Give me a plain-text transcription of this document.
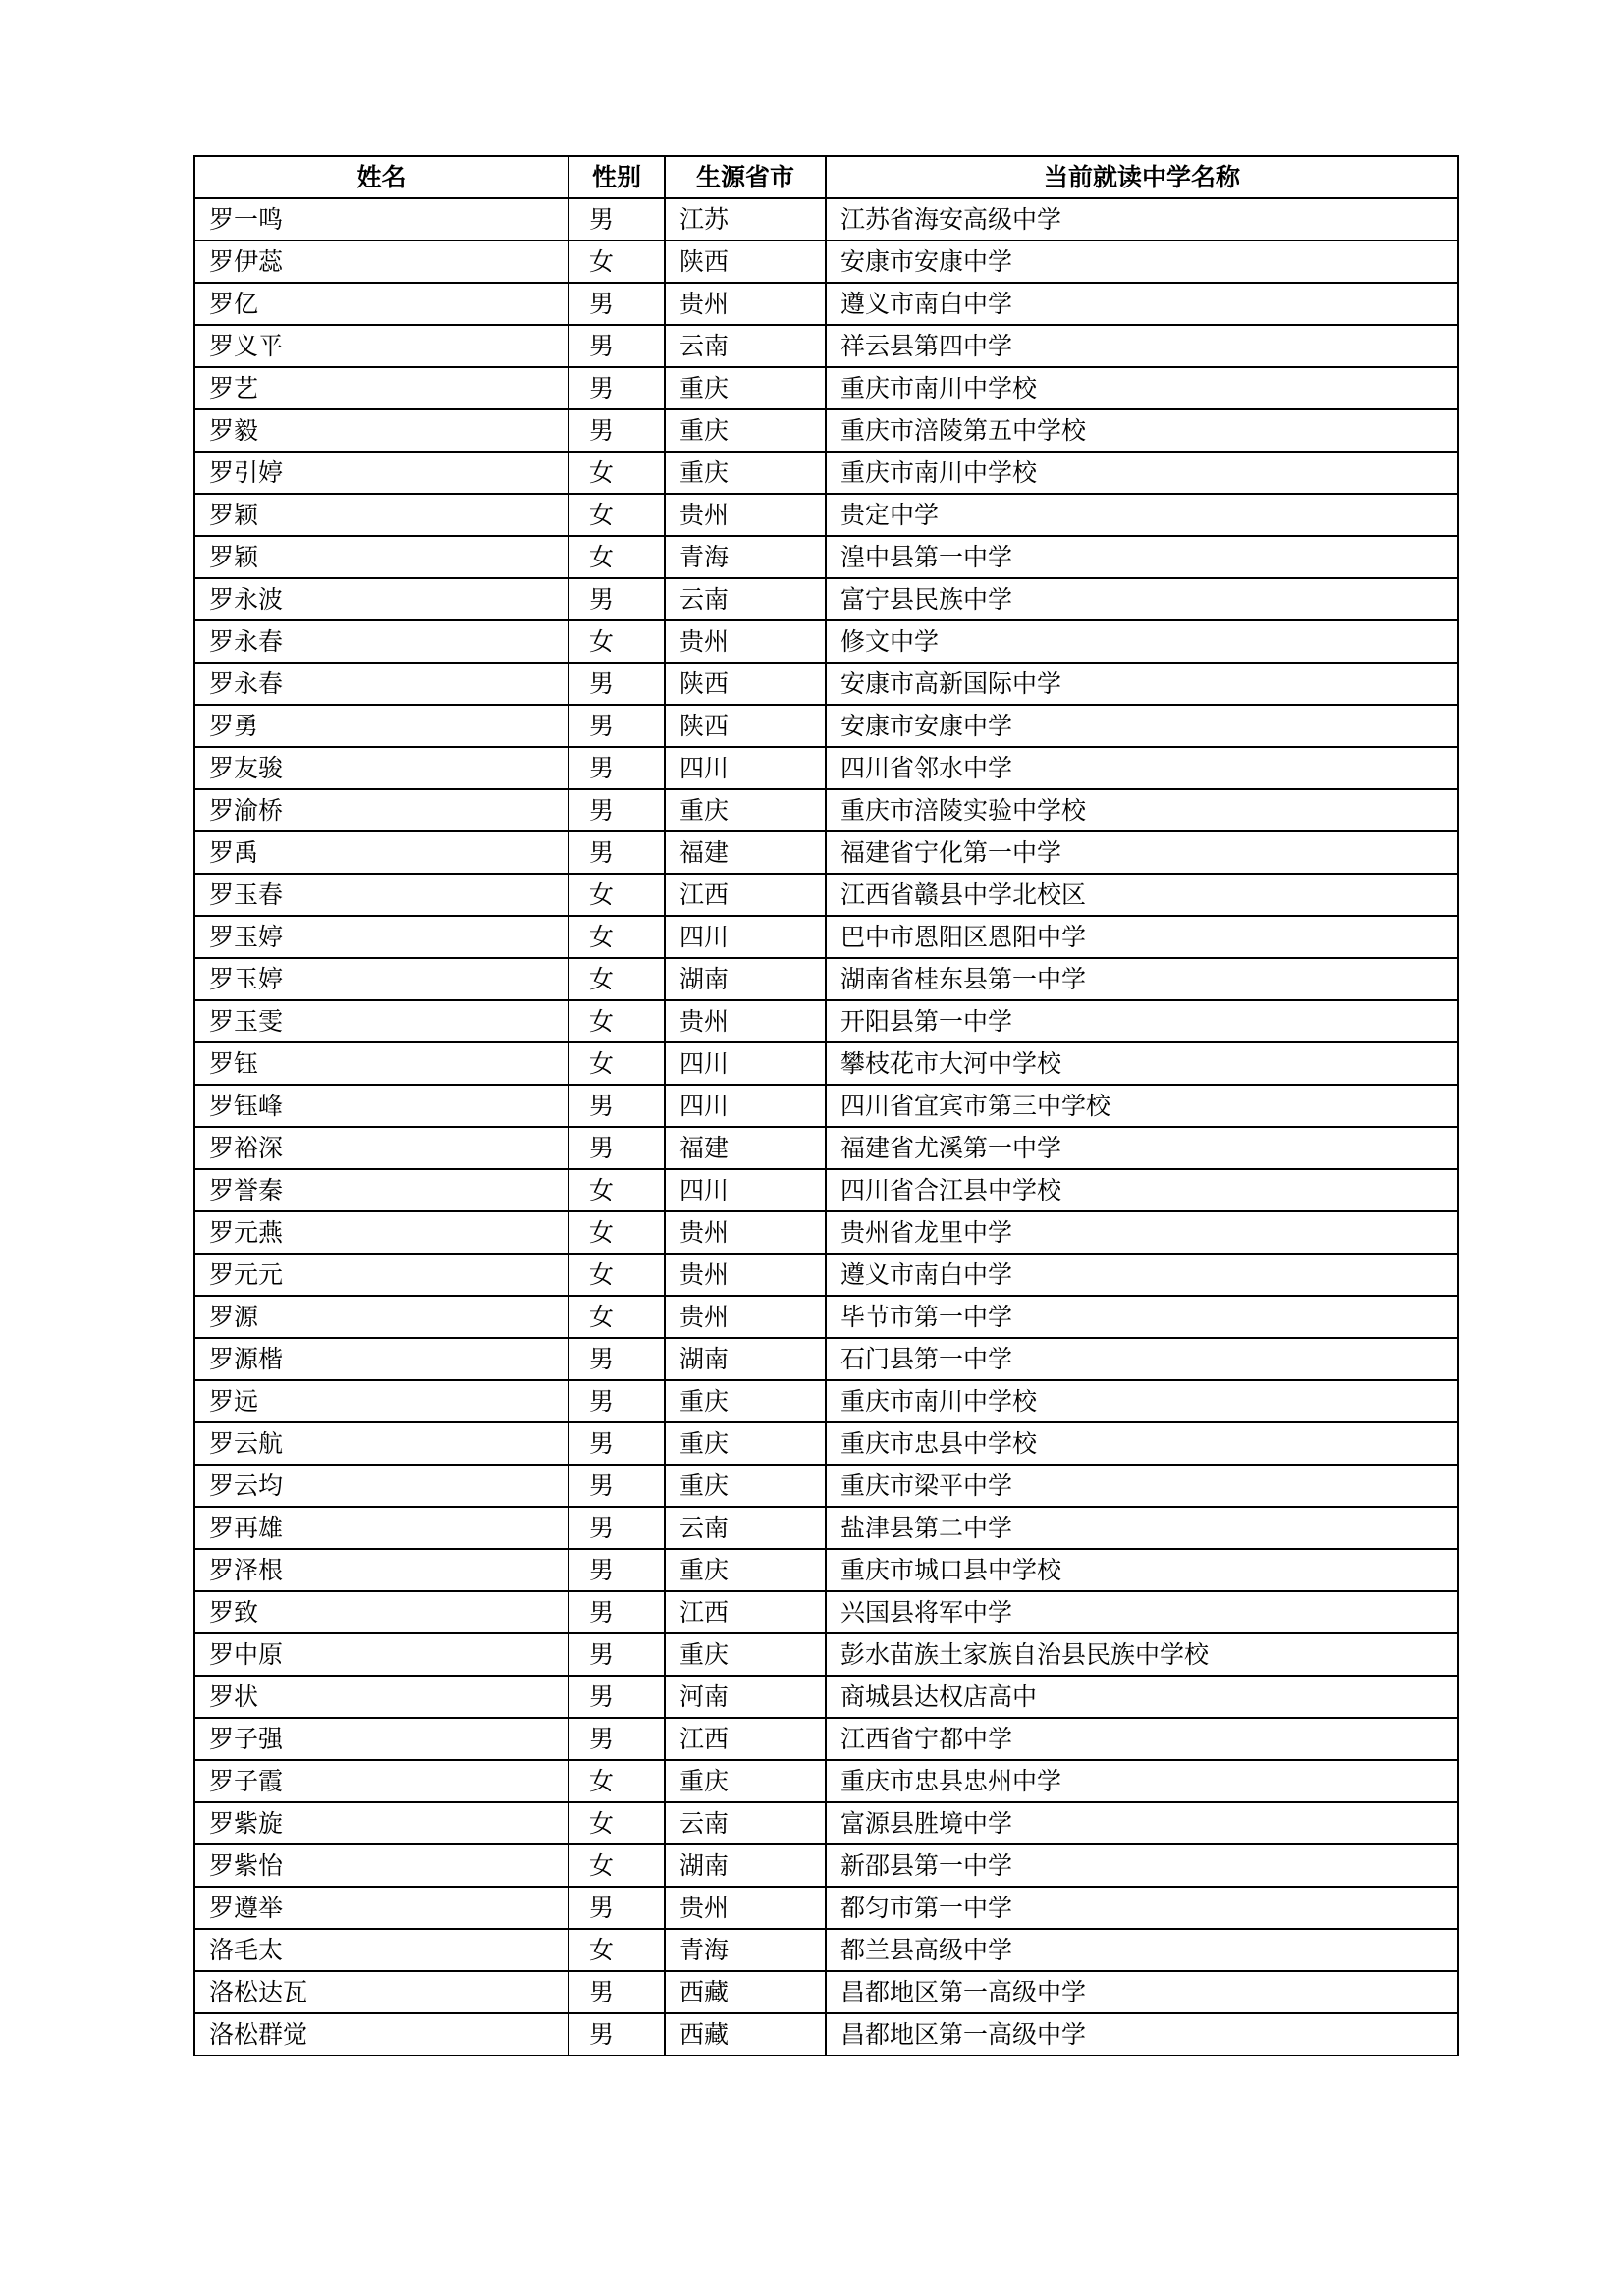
姓名	性别	生源省市	当前就读中学名称
罗一鸣	男	江苏	江苏省海安高级中学
罗伊蕊	女	陕西	安康市安康中学
罗亿	男	贵州	遵义市南白中学
罗义平	男	云南	祥云县第四中学
罗艺	男	重庆	重庆市南川中学校
罗毅	男	重庆	重庆市涪陵第五中学校
罗引婷	女	重庆	重庆市南川中学校
罗颖	女	贵州	贵定中学
罗颖	女	青海	湟中县第一中学
罗永波	男	云南	富宁县民族中学
罗永春	女	贵州	修文中学
罗永春	男	陕西	安康市高新国际中学
罗勇	男	陕西	安康市安康中学
罗友骏	男	四川	四川省邻水中学
罗渝桥	男	重庆	重庆市涪陵实验中学校
罗禹	男	福建	福建省宁化第一中学
罗玉春	女	江西	江西省赣县中学北校区
罗玉婷	女	四川	巴中市恩阳区恩阳中学
罗玉婷	女	湖南	湖南省桂东县第一中学
罗玉雯	女	贵州	开阳县第一中学
罗钰	女	四川	攀枝花市大河中学校
罗钰峰	男	四川	四川省宜宾市第三中学校
罗裕深	男	福建	福建省尤溪第一中学
罗誉秦	女	四川	四川省合江县中学校
罗元燕	女	贵州	贵州省龙里中学
罗元元	女	贵州	遵义市南白中学
罗源	女	贵州	毕节市第一中学
罗源楷	男	湖南	石门县第一中学
罗远	男	重庆	重庆市南川中学校
罗云航	男	重庆	重庆市忠县中学校
罗云均	男	重庆	重庆市梁平中学
罗再雄	男	云南	盐津县第二中学
罗泽根	男	重庆	重庆市城口县中学校
罗致	男	江西	兴国县将军中学
罗中原	男	重庆	彭水苗族土家族自治县民族中学校
罗状	男	河南	商城县达权店高中
罗子强	男	江西	江西省宁都中学
罗子霞	女	重庆	重庆市忠县忠州中学
罗紫旋	女	云南	富源县胜境中学
罗紫怡	女	湖南	新邵县第一中学
罗遵举	男	贵州	都匀市第一中学
洛毛太	女	青海	都兰县高级中学
洛松达瓦	男	西藏	昌都地区第一高级中学
洛松群觉	男	西藏	昌都地区第一高级中学
